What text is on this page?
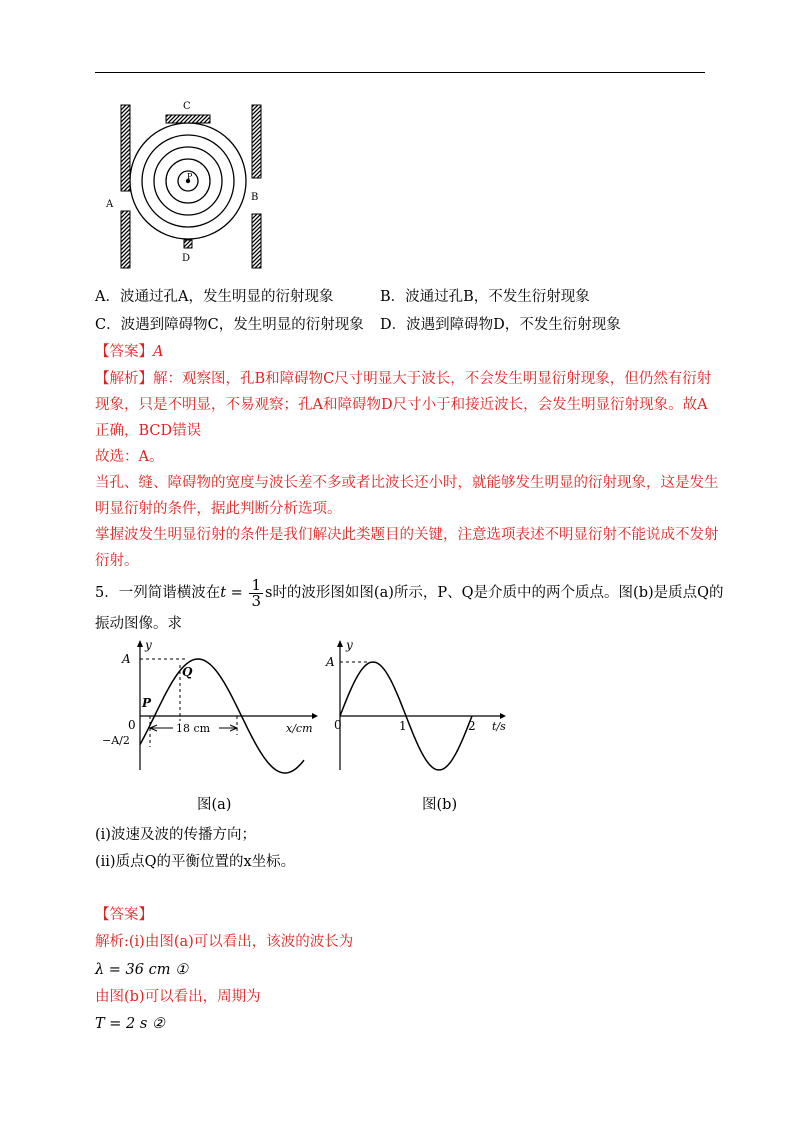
P
C
A
B
D
A．波通过孔A，发生明显的衍射现象	B．波通过孔B，不发生衍射现象
C．波遇到障碍物C，发生明显的衍射现象 D．波遇到障碍物D，不发生衍射现象
【答案】A
【解析】解：观察图，孔B和障碍物C尺寸明显大于波长，不会发生明显衍射现象，但仍然有衍射
现象，只是不明显，不易观察；孔A和障碍物D尺寸小于和接近波长，会发生明显衍射现象。故A
正确，BCD错误
故选：A。
当孔、缝、障碍物的宽度与波长差不多或者比波长还小时，就能够发生明显的衍射现象，这是发生
明显衍射的条件，据此判断分析选项。
掌握波发生明显衍射的条件是我们解决此类题目的关键，注意选项表述不明显衍射不能说成不发射
衍射。
5．一列简谐横波在$t = \frac{1}{3}$ s时的波形图如图(a)所示，P、Q是介质中的两个质点。图(b)是质点Q的
振动图像。求
y
18 cm
A
−A/2
0
P
Q
x/cm
图(a)
y
A
0	1	2 t/s
图(b)
(i)波速及波的传播方向；
(ii)质点Q的平衡位置的x坐标。
【答案】
解析:(ⅰ)由图(a)可以看出，该波的波长为
λ = 36 cm ①
由图(b)可以看出，周期为
T = 2 s ②
